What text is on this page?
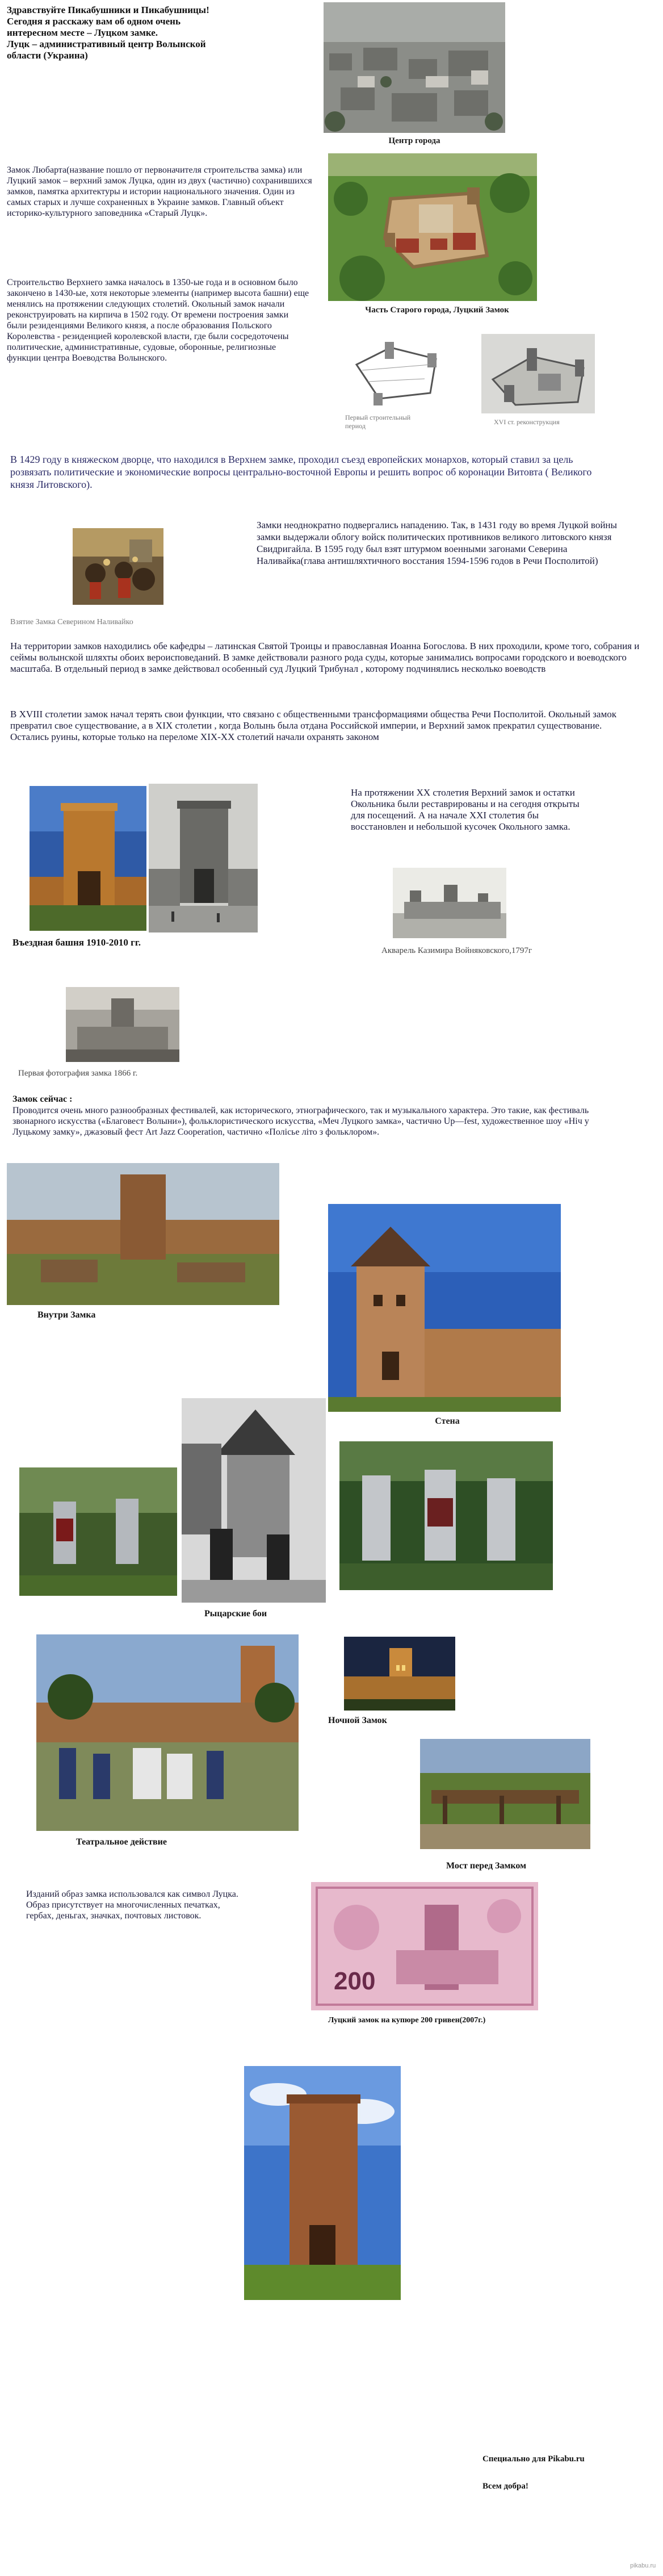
Здравствуйте Пикабушники и Пикабушницы!
Сегодня я расскажу вам об одном очень
интересном месте – Луцком замке.
Луцк – административный центр Волынской
области (Украина)
Центр города
Замок Любарта(название пошло от первоначителя строительства замка) или Луцкий замок – верхний замок Луцка, один из двух (частично) сохранившихся замков, памятка архитектуры и истории национального значения. Один из самых старых и лучше сохраненных в Украине замков. Главный объект историко-культурного заповедника «Старый Луцк».
Часть Старого города, Луцкий Замок
Строительство Верхнего замка началось в 1350-ые года и в основном было закончено в 1430-ые, хотя некоторые элементы (например высота башни) еще менялись на протяжении следующих столетий. Окольный замок начали реконструировать на кирпича в 1502 году. От времени построения замки были резиденциями Великого князя, а после образования Польского Королевства - резиденцией королевской власти, где были сосредоточены политические, административные, судовые, оборонные, религиозные функции центра Воеводства Волынского.
Первый строительный период	XVI ст. реконструкция
В 1429 году в княжеском дворце, что находился в Верхнем замке, проходил съезд европейских монархов, который ставил за цель розвязать политические и экономические вопросы центрально-восточной Европы и решить вопрос об коронации Витовта ( Великого князя Литовского).
Взятие Замка Северином Наливайко
Замки неоднократно подвергались нападению. Так, в 1431 году во время Луцкой войны замки выдержали облогу войск политических противников великого литовского князя Свидригайла. В 1595 году был взят штурмом военными загонами Северина Наливайка(глава антишляхтичного восстания 1594-1596 годов в Речи Посполитой)
На территории замков находились обе кафедры – латинская Святой Троицы и православная Иоанна Богослова. В них проходили, кроме того, собрания и сеймы волынской шляхты обоих вероисповеданий. В замке действовали разного рода суды, которые занимались вопросами городского и воеводского масштаба. В отдельный период в замке действовал особенный суд Луцкий Трибунал , которому подчинялись несколько воеводств
В XVIII столетии замок начал терять свои функции, что связано с общественными трансформациями общества Речи Посполитой. Окольный замок превратил свое существование, а в XIX столетии , когда Волынь была отдана Российской империи, и Верхний замок прекратил существование. Остались руины, которые только на переломе XIX-XX столетий начали охранять законом
Въездная башня 1910-2010 гг.
На протяжении XX столетия Верхний замок и остатки Окольника были реставрированы и на сегодня открыты для посещений. А на начале XXI столетия бы восстановлен и небольшой кусочек Окольного замка.
Акварель Казимира Войняковского,1797г
Первая фотография замка 1866 г.
Замок сейчас :
Проводится очень много разнообразных фестивалей, как исторического, этнографического, так и музыкального характера. Это такие, как фестиваль звонарного искусства («Благовест Волыни»), фольклористического искусства, «Меч Луцкого замка», частично Up—fest, художественное шоу «Ніч у Луцькому замку», джазовый фест Art Jazz Cooperation, частично «Полісье літо з фольклором».
Внутри Замка
Стена
Рыцарские бои
Театральное действие
Ночной Замок
Мост перед Замком
Изданий образ замка использовался как символ Луцка. Образ присутствует на многочисленных печатках, гербах, деньгах, значках, почтовых листовок.
200
Луцкий замок на купюре 200 гривен(2007г.)
Специально для Pikabu.ru
Всем добра!
pikabu.ru
